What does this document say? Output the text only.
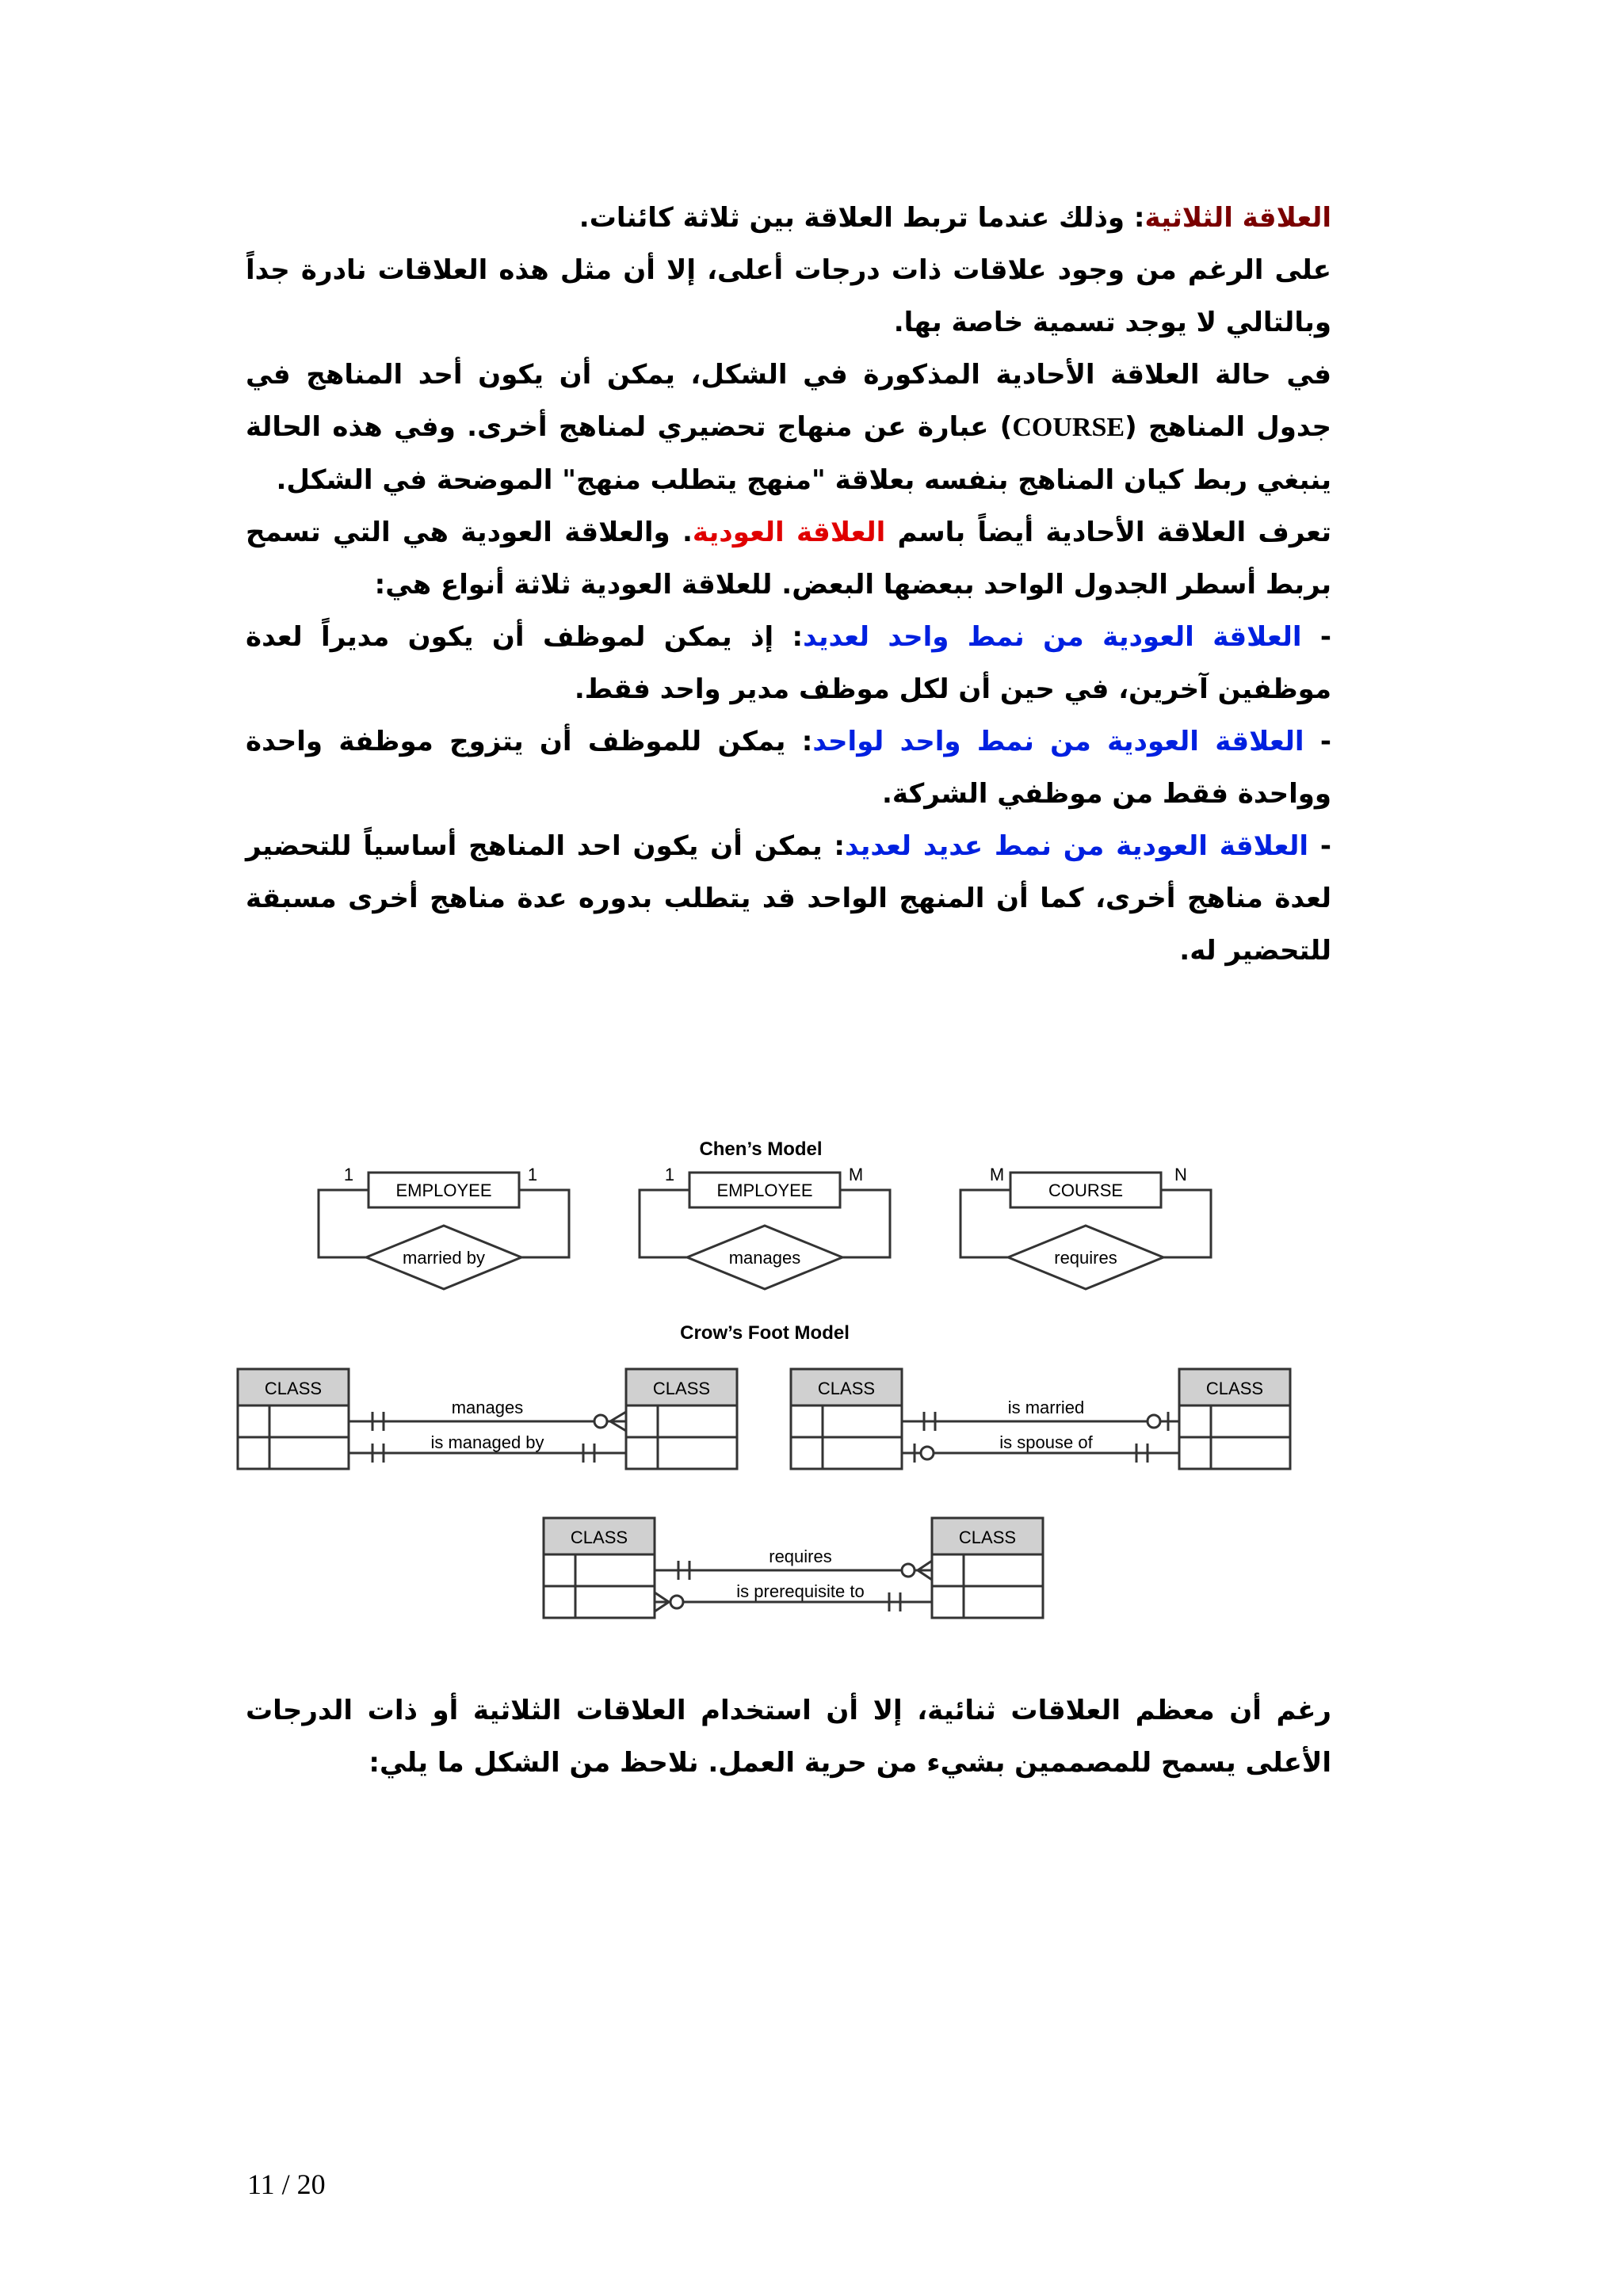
العلاقة الثلاثية: وذلك عندما تربط العلاقة بين ثلاثة كائنات.

على الرغم من وجود علاقات ذات درجات أعلى، إلا أن مثل هذه العلاقات نادرة جداً وبالتالي لا يوجد تسمية خاصة بها.

في حالة العلاقة الأحادية المذكورة في الشكل، يمكن أن يكون أحد المناهج في جدول المناهج (COURSE) عبارة عن منهاج تحضيري لمناهج أخرى. وفي هذه الحالة ينبغي ربط كيان المناهج بنفسه بعلاقة "منهج يتطلب منهج" الموضحة في الشكل.

تعرف العلاقة الأحادية أيضاً باسم العلاقة العودية. والعلاقة العودية هي التي تسمح بربط أسطر الجدول الواحد ببعضها البعض. للعلاقة العودية ثلاثة أنواع هي:

- العلاقة العودية من نمط واحد لعديد: إذ يمكن لموظف أن يكون مديراً لعدة موظفين آخرين، في حين أن لكل موظف مدير واحد فقط.

- العلاقة العودية من نمط واحد لواحد: يمكن للموظف أن يتزوج موظفة واحدة وواحدة فقط من موظفي الشركة.

- العلاقة العودية من نمط عديد لعديد: يمكن أن يكون احد المناهج أساسياً للتحضير لعدة مناهج أخرى، كما أن المنهج الواحد قد يتطلب بدوره عدة مناهج أخرى مسبقة للتحضير له.

Chen’s Model
EMPLOYEE
married by
1	1
EMPLOYEE
manages
1	M
COURSE
requires
M	N
Crow’s Foot Model
CLASS	CLASS
manages
is managed by
CLASS	CLASS
is married
is spouse of
CLASS	CLASS
requires
is prerequisite to

رغم أن معظم العلاقات ثنائية، إلا أن استخدام العلاقات الثلاثية أو ذات الدرجات الأعلى يسمح للمصممين بشيء من حرية العمل. نلاحظ من الشكل ما يلي:

11 / 20
